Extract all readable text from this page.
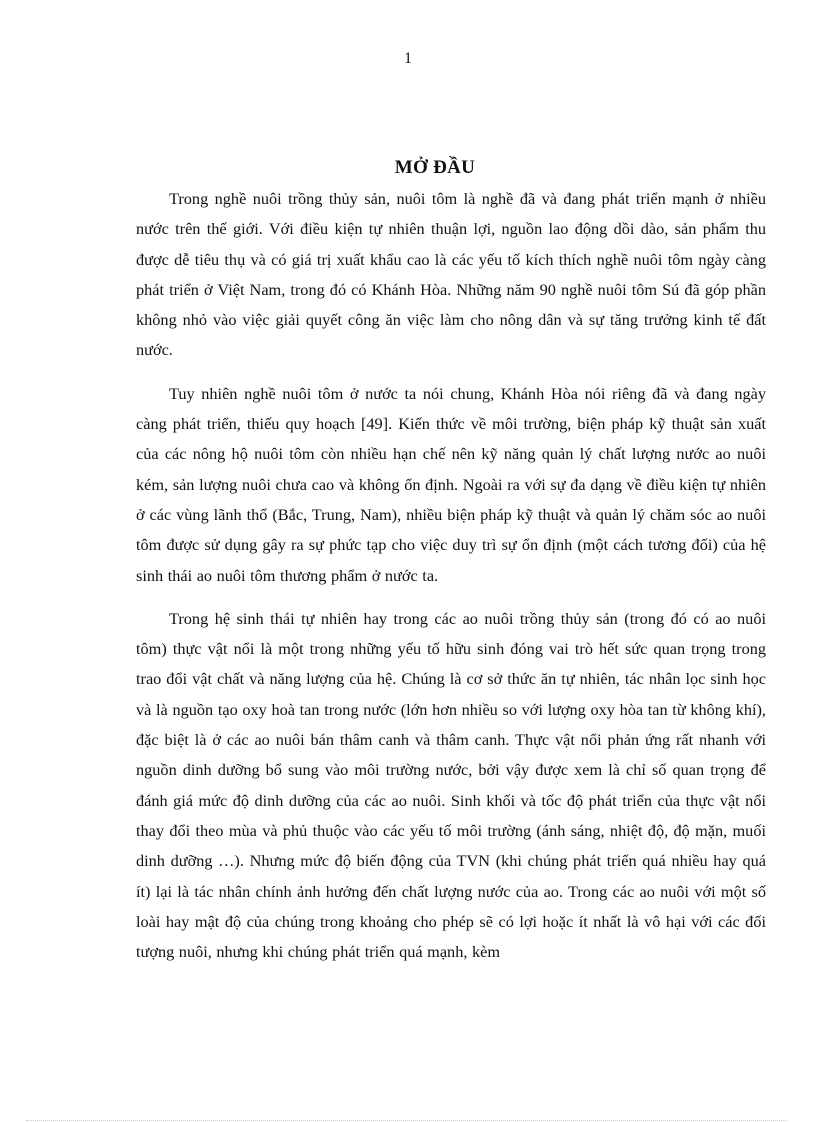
1
MỞ ĐẦU

Trong nghề nuôi trồng thủy sản, nuôi tôm là nghề đã và đang phát triển mạnh ở nhiều nước trên thế giới. Với điều kiện tự nhiên thuận lợi, nguồn lao động dồi dào, sản phẩm thu được dễ tiêu thụ và có giá trị xuất khẩu cao là các yếu tố kích thích nghề nuôi tôm ngày càng phát triển ở Việt Nam, trong đó có Khánh Hòa. Những năm 90 nghề nuôi tôm Sú đã góp phần không nhỏ vào việc giải quyết công ăn việc làm cho nông dân và sự tăng trưởng kinh tế đất nước.

Tuy nhiên nghề nuôi tôm ở nước ta nói chung, Khánh Hòa nói riêng đã và đang ngày càng phát triển, thiếu quy hoạch [49]. Kiến thức về môi trường, biện pháp kỹ thuật sản xuất của các nông hộ nuôi tôm còn nhiều hạn chế nên kỹ năng quản lý chất lượng nước ao nuôi kém, sản lượng nuôi chưa cao và không ổn định. Ngoài ra với sự đa dạng về điều kiện tự nhiên ở các vùng lãnh thổ (Bắc, Trung, Nam), nhiều biện pháp kỹ thuật và quản lý chăm sóc ao nuôi tôm được sử dụng gây ra sự phức tạp cho việc duy trì sự ổn định (một cách tương đối) của hệ sinh thái ao nuôi tôm thương phẩm ở nước ta.

Trong hệ sinh thái tự nhiên hay trong các ao nuôi trồng thủy sản (trong đó có ao nuôi tôm) thực vật nổi là một trong những yếu tố hữu sinh đóng vai trò hết sức quan trọng trong trao đổi vật chất và năng lượng của hệ. Chúng là cơ sở thức ăn tự nhiên, tác nhân lọc sinh học và là nguồn tạo oxy hoà tan trong nước (lớn hơn nhiều so với lượng oxy hòa tan từ không khí), đặc biệt là ở các ao nuôi bán thâm canh và thâm canh. Thực vật nổi phản ứng rất nhanh với nguồn dinh dưỡng bổ sung vào môi trường nước, bởi vậy được xem là chỉ số quan trọng để đánh giá mức độ dinh dưỡng của các ao nuôi. Sinh khối và tốc độ phát triển của thực vật nổi thay đổi theo mùa và phủ thuộc vào các yếu tố môi trường (ánh sáng, nhiệt độ, độ mặn, muối dinh dưỡng …). Nhưng mức độ biến động của TVN (khi chúng phát triển quá nhiều hay quá ít) lại là tác nhân chính ảnh hưởng đến chất lượng nước của ao. Trong các ao nuôi với một số loài hay mật độ của chúng trong khoảng cho phép sẽ có lợi hoặc ít nhất là vô hại với các đối tượng nuôi, nhưng khi chúng phát triển quá mạnh, kèm
